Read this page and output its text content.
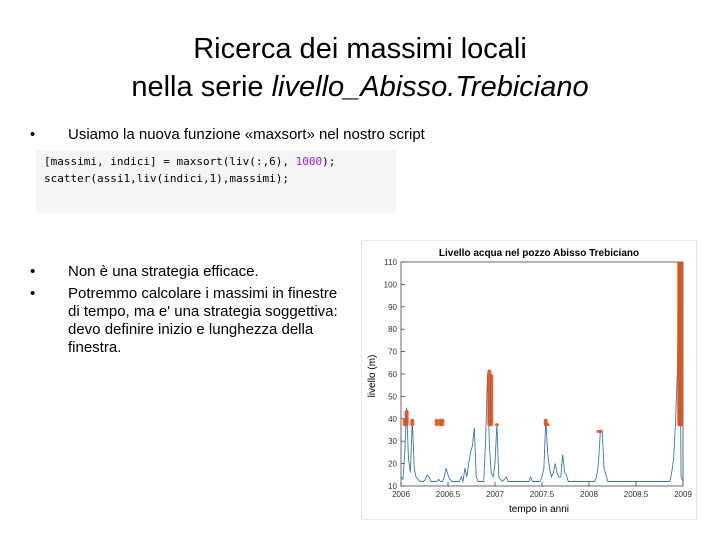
Ricerca dei massimi locali
nella serie livello_Abisso.Trebiciano
• Usiamo la nuova funzione «maxsort» nel nostro script
[massimi, indici] = maxsort(liv(:,6), 1000);
scatter(assi1,liv(indici,1),massimi);
• Non è una strategia efficace.
• Potremmo calcolare i massimi in finestre di tempo, ma e' una strategia soggettiva: devo definire inizio e lunghezza della finestra.
Livello acqua nel pozzo Abisso Trebiciano
tempo in anni
livello (m)
10
20
30
40
50
60
70
80
90
100
110
2006	2006.5	2007	2007.5	2008	2008.5	2009
